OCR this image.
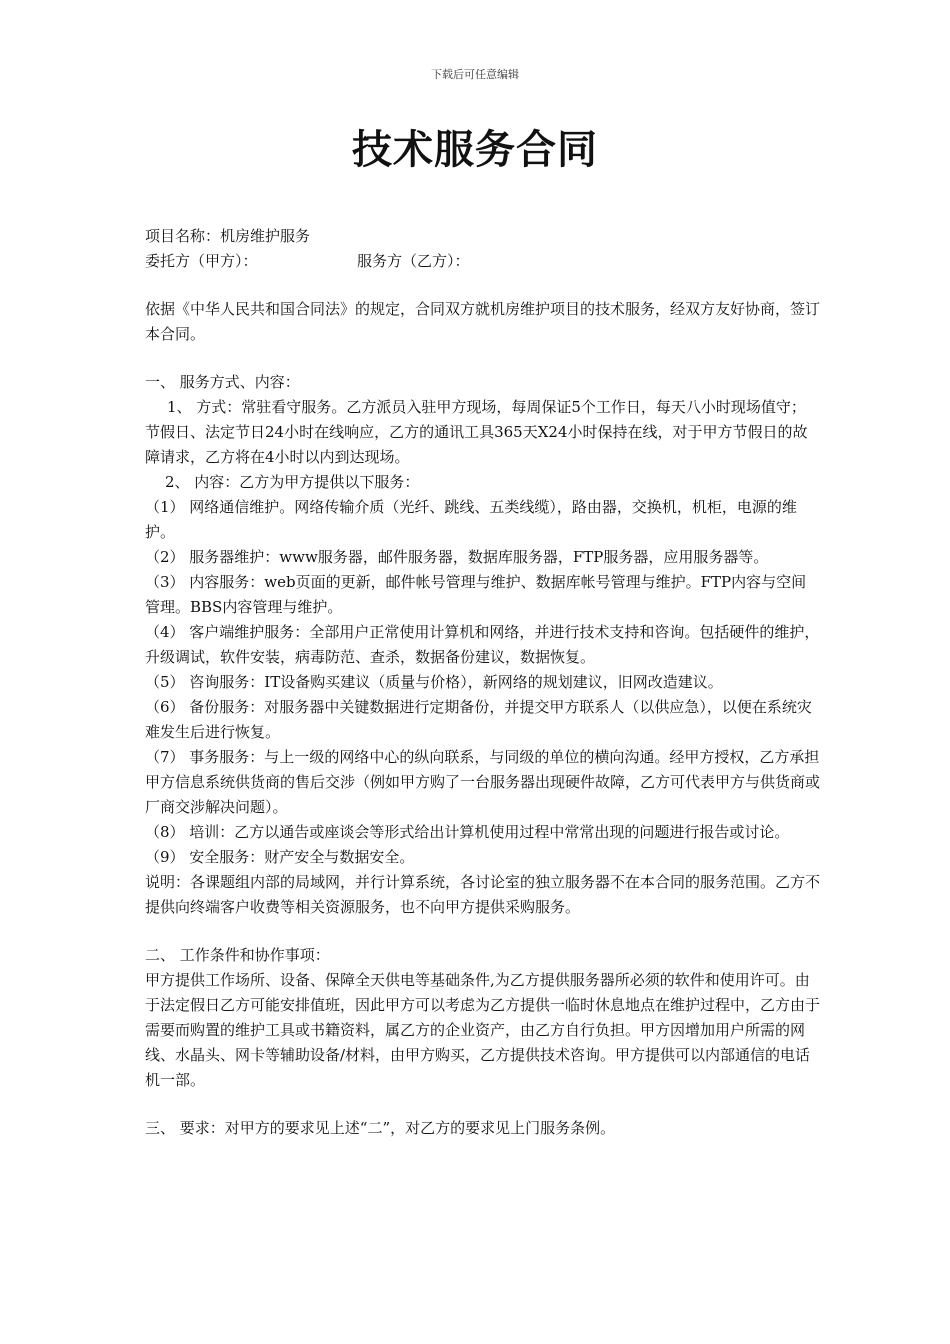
下载后可任意编辑
技术服务合同
项目名称：机房维护服务
委托方（甲方）：	服务方（乙方）：
依据《中华人民共和国合同法》的规定，合同双方就机房维护项目的技术服务，经双方友好协商，签订本合同。
一、 服务方式、内容：
1、 方式：常驻看守服务。乙方派员入驻甲方现场，每周保证5个工作日，每天八小时现场值守；节假日、法定节日24小时在线响应，乙方的通讯工具365天X24小时保持在线，对于甲方节假日的故障请求，乙方将在4小时以内到达现场。
2、 内容：乙方为甲方提供以下服务：
（1） 网络通信维护。网络传输介质（光纤、跳线、五类线缆），路由器，交换机，机柜，电源的维护。
（2） 服务器维护：www服务器，邮件服务器，数据库服务器，FTP服务器，应用服务器等。
（3） 内容服务：web页面的更新，邮件帐号管理与维护、数据库帐号管理与维护。FTP内容与空间管理。BBS内容管理与维护。
（4） 客户端维护服务：全部用户正常使用计算机和网络，并进行技术支持和咨询。包括硬件的维护，升级调试，软件安装，病毒防范、查杀，数据备份建议，数据恢复。
（5） 咨询服务：IT设备购买建议（质量与价格），新网络的规划建议，旧网改造建议。
（6） 备份服务：对服务器中关键数据进行定期备份，并提交甲方联系人（以供应急），以便在系统灾难发生后进行恢复。
（7） 事务服务：与上一级的网络中心的纵向联系，与同级的单位的横向沟通。经甲方授权，乙方承担甲方信息系统供货商的售后交涉（例如甲方购了一台服务器出现硬件故障，乙方可代表甲方与供货商或厂商交涉解决问题）。
（8） 培训：乙方以通告或座谈会等形式给出计算机使用过程中常常出现的问题进行报告或讨论。
（9） 安全服务：财产安全与数据安全。
说明：各课题组内部的局域网，并行计算系统，各讨论室的独立服务器不在本合同的服务范围。乙方不提供向终端客户收费等相关资源服务，也不向甲方提供采购服务。
二、 工作条件和协作事项：
甲方提供工作场所、设备、保障全天供电等基础条件,为乙方提供服务器所必须的软件和使用许可。由于法定假日乙方可能安排值班，因此甲方可以考虑为乙方提供一临时休息地点在维护过程中，乙方由于需要而购置的维护工具或书籍资料，属乙方的企业资产，由乙方自行负担。甲方因增加用户所需的网线、水晶头、网卡等辅助设备/材料，由甲方购买，乙方提供技术咨询。甲方提供可以内部通信的电话机一部。
三、 要求：对甲方的要求见上述“二”，对乙方的要求见上门服务条例。
